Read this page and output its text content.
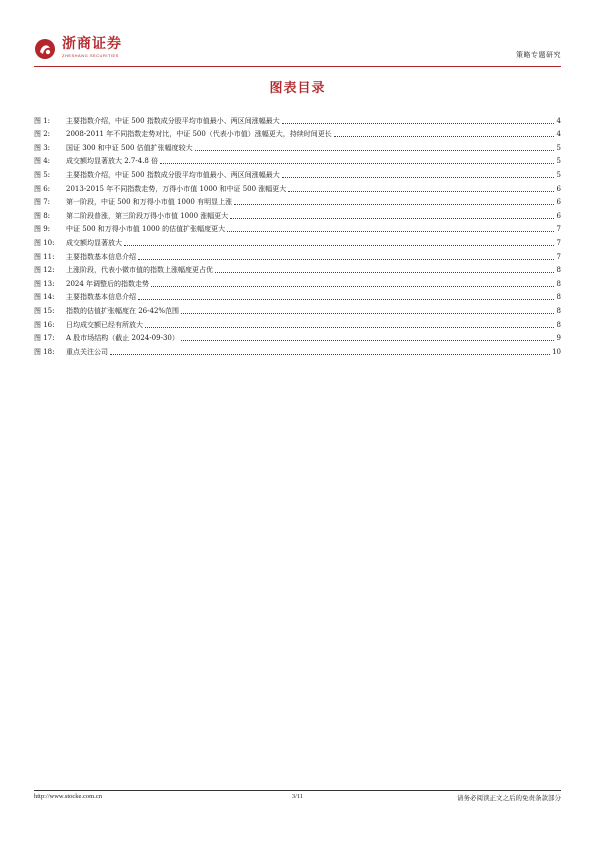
浙商证券
ZHESHANG SECURITIES	策略专题研究
图表目录
图 1:	主要指数介绍，中证 500 指数成分股平均市值最小、两区间涨幅最大	4
图 2:	2008-2011 年不同指数走势对比，中证 500（代表小市值）涨幅更大，持续时间更长	4
图 3:	国证 300 和中证 500 估值扩张幅度较大	5
图 4:	成交额均显著放大 2.7-4.8 倍	5
图 5:	主要指数介绍，中证 500 指数成分股平均市值最小、两区间涨幅最大	5
图 6:	2013-2015 年不同指数走势，万得小市值 1000 和中证 500 涨幅更大	6
图 7:	第一阶段，中证 500 和万得小市值 1000 有明显上涨	6
图 8:	第二阶段普涨，第三阶段万得小市值 1000 涨幅更大	6
图 9:	中证 500 和万得小市值 1000 的估值扩张幅度更大	7
图 10:	成交额均显著放大	7
图 11:	主要指数基本信息介绍	7
图 12:	上涨阶段，代表小微市值的指数上涨幅度更占优	8
图 13:	2024 年调整后的指数走势	8
图 14:	主要指数基本信息介绍	8
图 15:	指数的估值扩张幅度在 26-42%范围	8
图 16:	日均成交额已经有所放大	8
图 17:	A 股市场结构（截止 2024-09-30）	9
图 18:	重点关注公司	10
http://www.stocke.com.cn	3/11	请务必阅读正文之后的免责条款部分
